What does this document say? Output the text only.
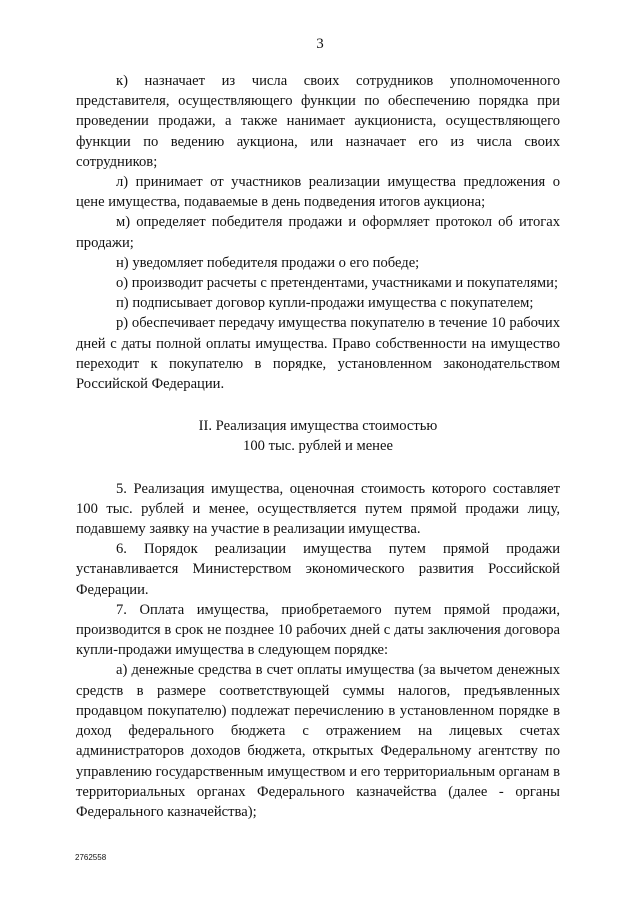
3

к) назначает из числа своих сотрудников уполномоченного представителя, осуществляющего функции по обеспечению порядка при проведении продажи, а также нанимает аукциониста, осуществляющего функции по ведению аукциона, или назначает его из числа своих сотрудников;

л) принимает от участников реализации имущества предложения о цене имущества, подаваемые в день подведения итогов аукциона;

м) определяет победителя продажи и оформляет протокол об итогах продажи;

н) уведомляет победителя продажи о его победе;

о) производит расчеты с претендентами, участниками и покупателями;

п) подписывает договор купли-продажи имущества с покупателем;

р) обеспечивает передачу имущества покупателю в течение 10 рабочих дней с даты полной оплаты имущества. Право собственности на имущество переходит к покупателю в порядке, установленном законодательством Российской Федерации.

II. Реализация имущества стоимостью
100 тыс. рублей и менее

5. Реализация имущества, оценочная стоимость которого составляет 100 тыс. рублей и менее, осуществляется путем прямой продажи лицу, подавшему заявку на участие в реализации имущества.

6. Порядок реализации имущества путем прямой продажи устанавливается Министерством экономического развития Российской Федерации.

7. Оплата имущества, приобретаемого путем прямой продажи, производится в срок не позднее 10 рабочих дней с даты заключения договора купли-продажи имущества в следующем порядке:

а) денежные средства в счет оплаты имущества (за вычетом денежных средств в размере соответствующей суммы налогов, предъявленных продавцом покупателю) подлежат перечислению в установленном порядке в доход федерального бюджета с отражением на лицевых счетах администраторов доходов бюджета, открытых Федеральному агентству по управлению государственным имуществом и его территориальным органам в территориальных органах Федерального казначейства (далее - органы Федерального казначейства);

2762558
